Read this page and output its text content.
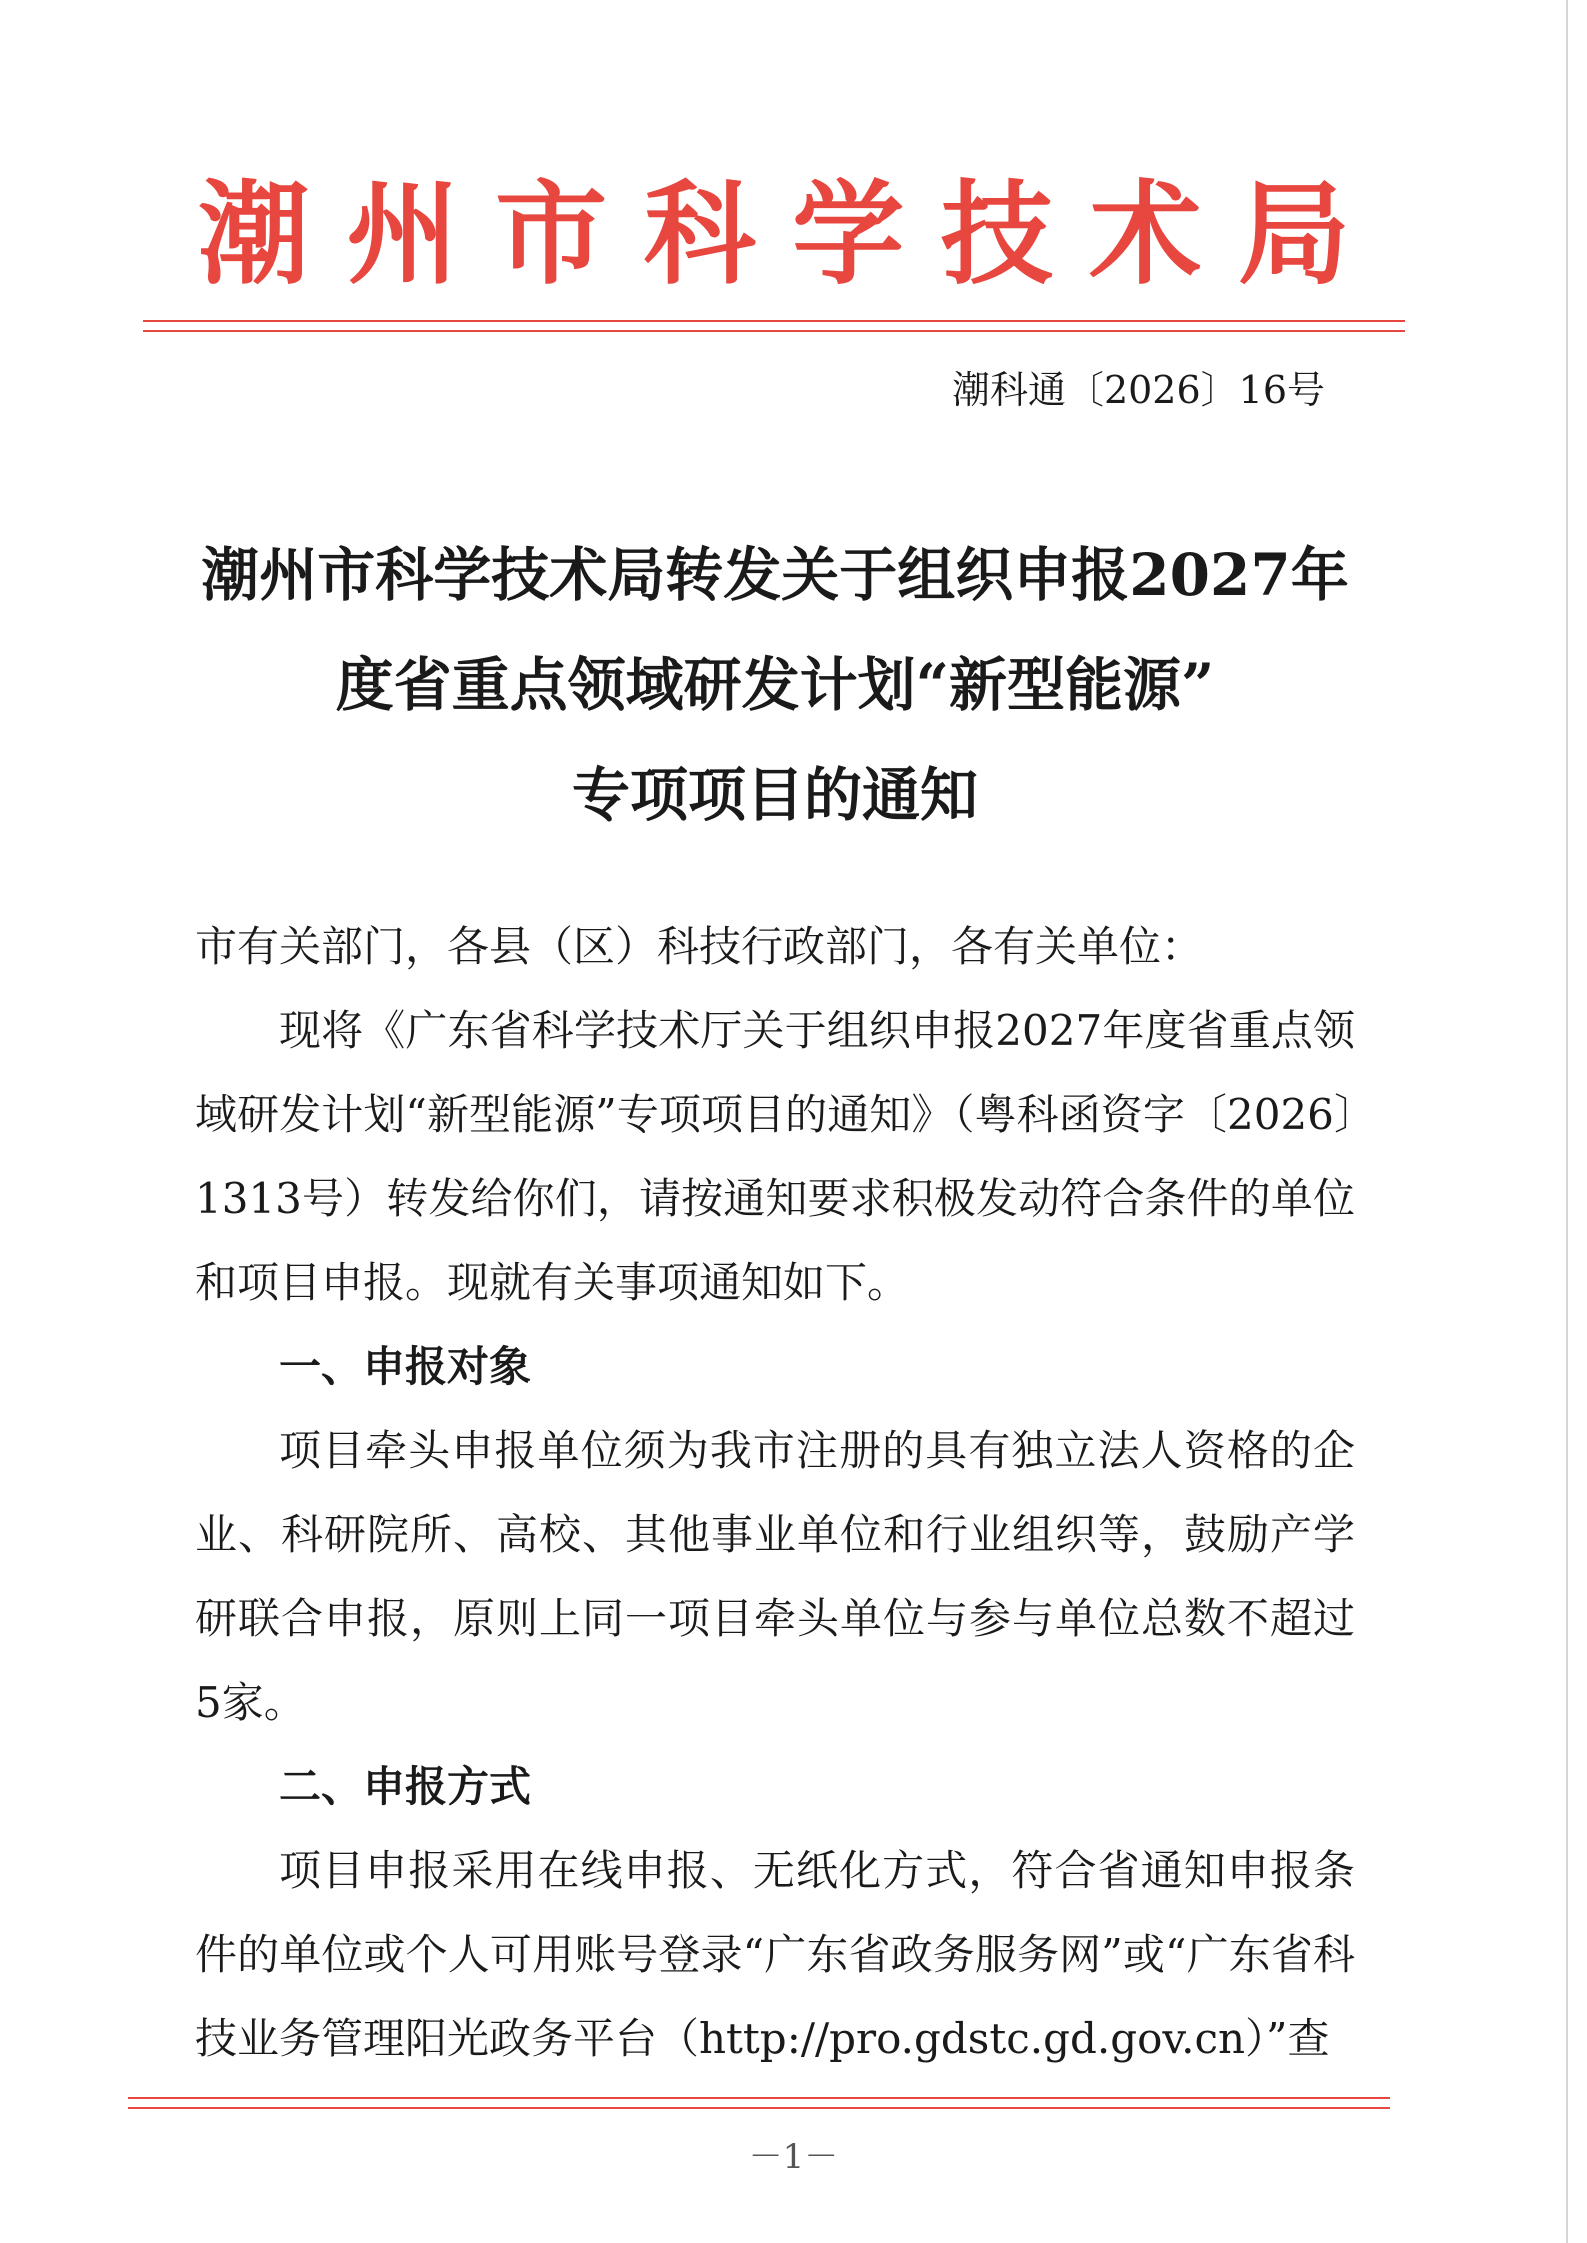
潮 州 市 科 学 技 术 局
潮科通〔2026〕16号
潮州市科学技术局转发关于组织申报2027年
度省重点领域研发计划“新型能源”
专项项目的通知
市有关部门，各县（区）科技行政部门，各有关单位：
现将《广东省科学技术厅关于组织申报2027年度省重点领域研发计划“新型能源”专项项目的通知》（粤科函资字〔2026〕1313号）转发给你们，请按通知要求积极发动符合条件的单位和项目申报。现就有关事项通知如下。
一、申报对象
项目牵头申报单位须为我市注册的具有独立法人资格的企业、科研院所、高校、其他事业单位和行业组织等，鼓励产学研联合申报，原则上同一项目牵头单位与参与单位总数不超过5家。
二、申报方式
项目申报采用在线申报、无纸化方式，符合省通知申报条件的单位或个人可用账号登录“广东省政务服务网”或“广东省科技业务管理阳光政务平台（http://pro.gdstc.gd.gov.cn）”查
－1－
